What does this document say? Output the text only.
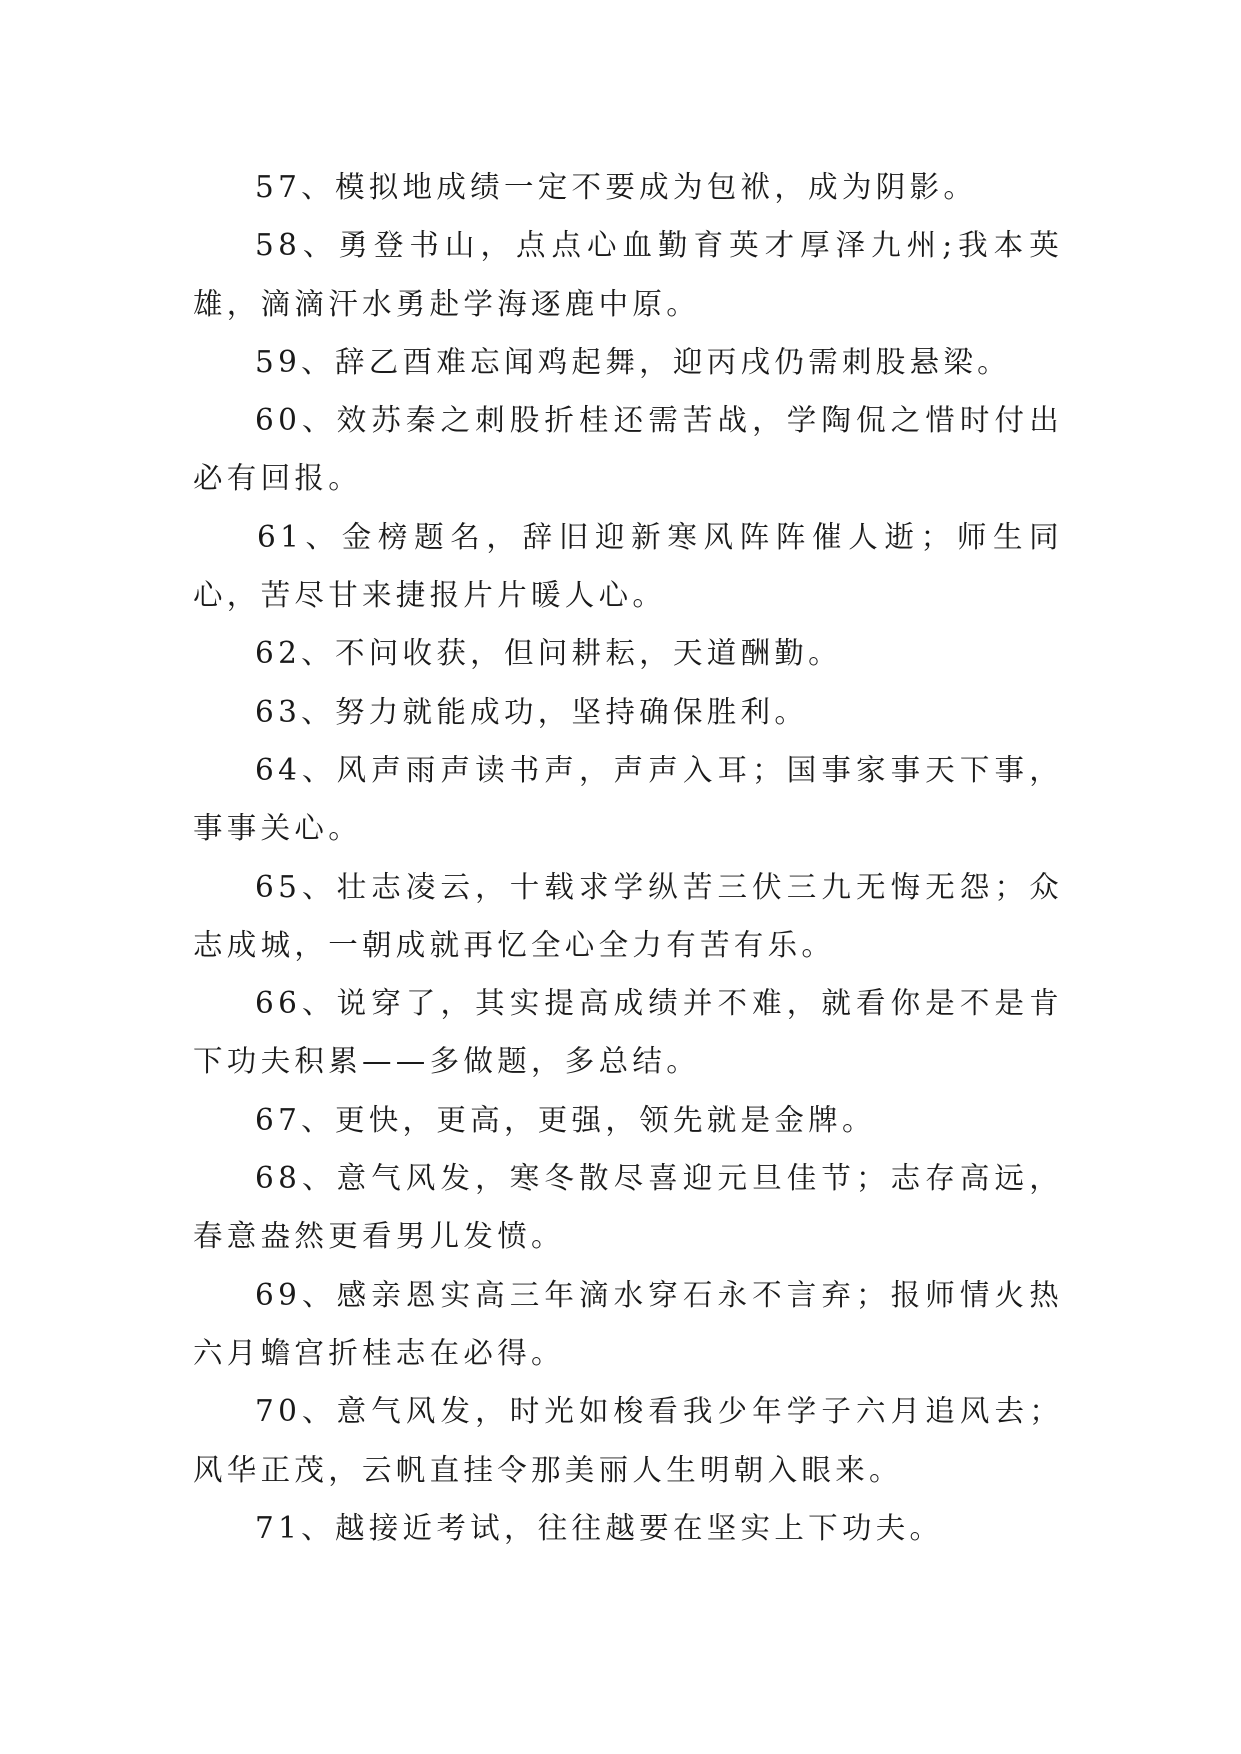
57、模拟地成绩一定不要成为包袱，成为阴影。

58、勇登书山，点点心血勤育英才厚泽九州;我本英雄，滴滴汗水勇赴学海逐鹿中原。

59、辞乙酉难忘闻鸡起舞，迎丙戌仍需刺股悬梁。

60、效苏秦之刺股折桂还需苦战，学陶侃之惜时付出必有回报。

61、金榜题名，辞旧迎新寒风阵阵催人逝；师生同心，苦尽甘来捷报片片暖人心。

62、不问收获，但问耕耘，天道酬勤。

63、努力就能成功，坚持确保胜利。

64、风声雨声读书声，声声入耳；国事家事天下事，事事关心。

65、壮志凌云，十载求学纵苦三伏三九无悔无怨；众志成城，一朝成就再忆全心全力有苦有乐。

66、说穿了，其实提高成绩并不难，就看你是不是肯下功夫积累——多做题，多总结。

67、更快，更高，更强，领先就是金牌。

68、意气风发，寒冬散尽喜迎元旦佳节；志存高远，春意盎然更看男儿发愤。

69、感亲恩实高三年滴水穿石永不言弃；报师情火热六月蟾宫折桂志在必得。

70、意气风发，时光如梭看我少年学子六月追风去；风华正茂，云帆直挂令那美丽人生明朝入眼来。

71、越接近考试，往往越要在坚实上下功夫。
